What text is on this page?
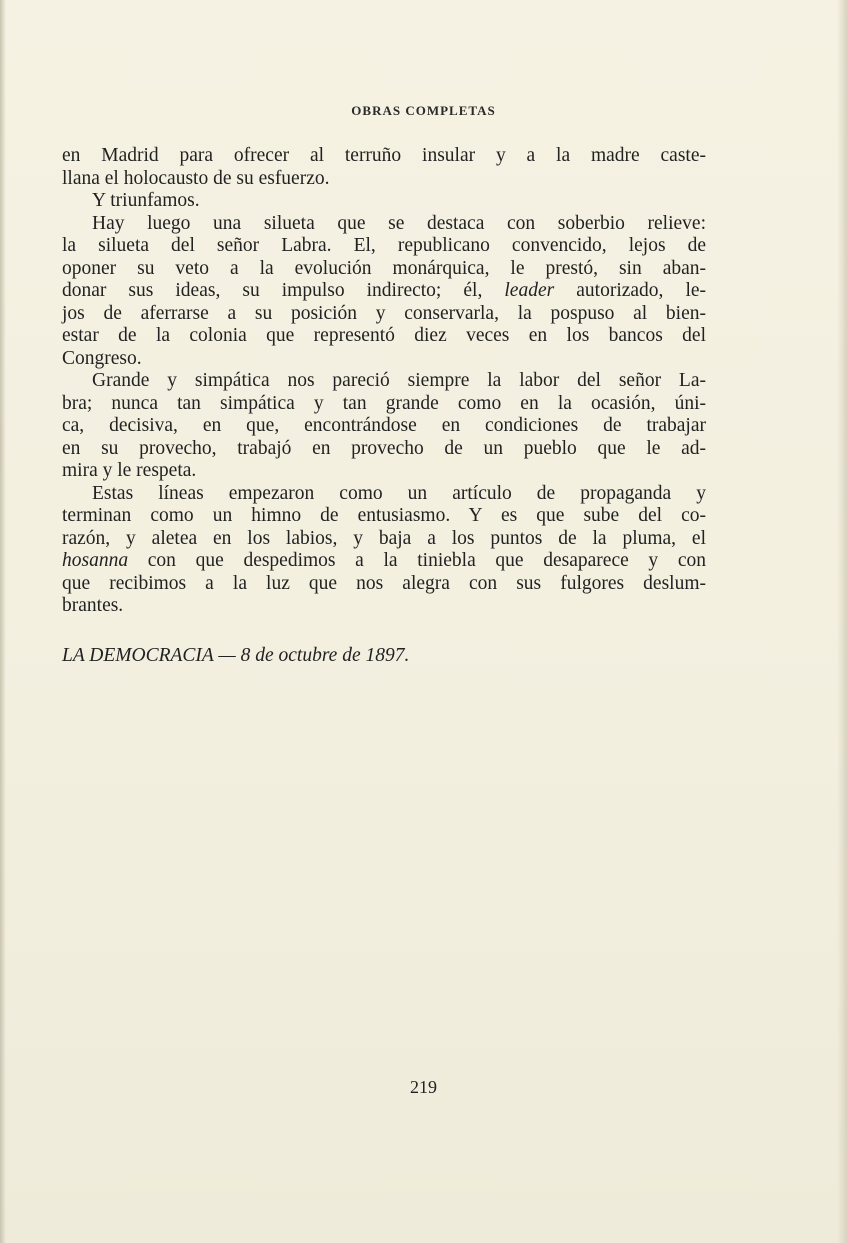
OBRAS COMPLETAS
en Madrid para ofrecer al terruño insular y a la madre caste-
llana el holocausto de su esfuerzo.
Y triunfamos.
Hay luego una silueta que se destaca con soberbio relieve:
la silueta del señor Labra. El, republicano convencido, lejos de
oponer su veto a la evolución monárquica, le prestó, sin aban-
donar sus ideas, su impulso indirecto; él, leader autorizado, le-
jos de aferrarse a su posición y conservarla, la pospuso al bien-
estar de la colonia que representó diez veces en los bancos del
Congreso.
Grande y simpática nos pareció siempre la labor del señor La-
bra; nunca tan simpática y tan grande como en la ocasión, úni-
ca, decisiva, en que, encontrándose en condiciones de trabajar
en su provecho, trabajó en provecho de un pueblo que le ad-
mira y le respeta.
Estas líneas empezaron como un artículo de propaganda y
terminan como un himno de entusiasmo. Y es que sube del co-
razón, y aletea en los labios, y baja a los puntos de la pluma, el
hosanna con que despedimos a la tiniebla que desaparece y con
que recibimos a la luz que nos alegra con sus fulgores deslum-
brantes.
LA DEMOCRACIA — 8 de octubre de 1897.
219
